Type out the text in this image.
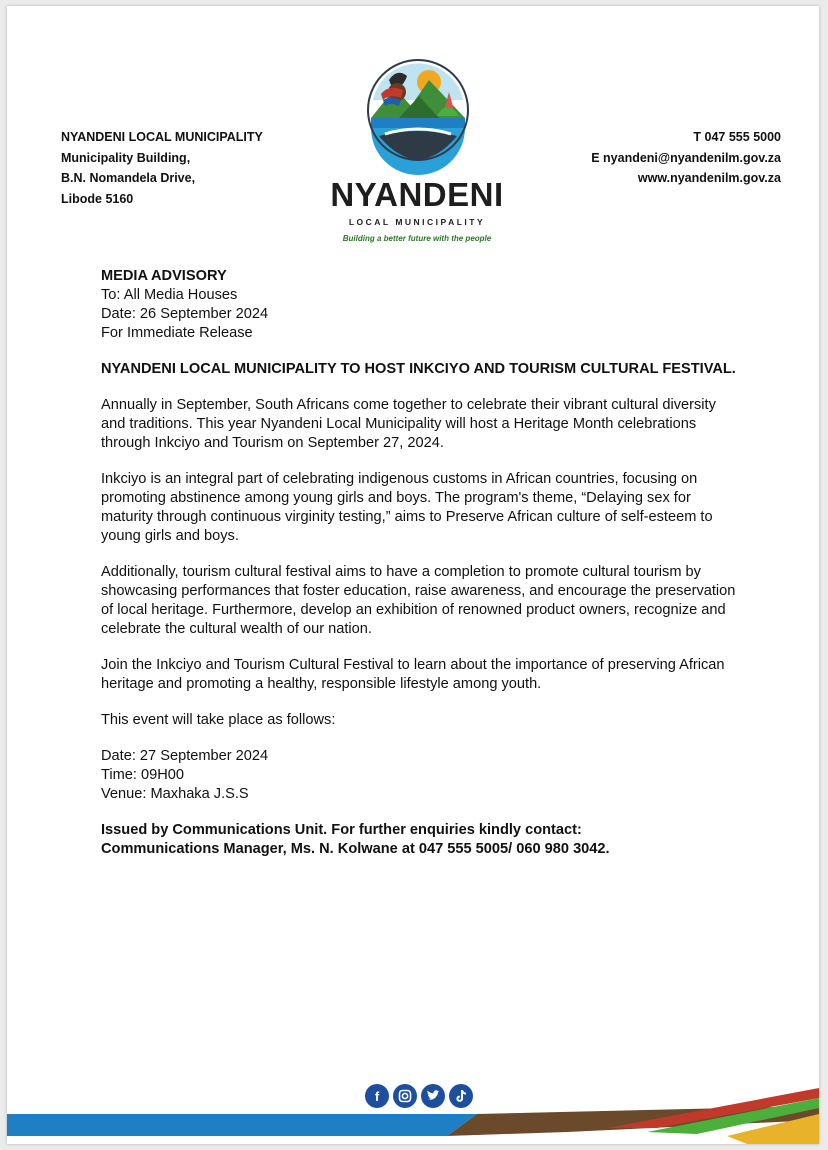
NYANDENI LOCAL MUNICIPALITY
Municipality Building,
B.N. Nomandela Drive,
Libode 5160
T 047 555 5000
E nyandeni@nyandenilm.gov.za
www.nyandenilm.gov.za
NYANDENI
LOCAL MUNICIPALITY
Building a better future with the people

MEDIA ADVISORY

To: All Media Houses

Date: 26 September 2024

For Immediate Release

NYANDENI LOCAL MUNICIPALITY TO HOST INKCIYO AND TOURISM CULTURAL FESTIVAL.

Annually in September, South Africans come together to celebrate their vibrant cultural diversity and traditions. This year Nyandeni Local Municipality will host a Heritage Month celebrations through Inkciyo and Tourism on September 27, 2024.

Inkciyo is an integral part of celebrating indigenous customs in African countries, focusing on promoting abstinence among young girls and boys. The program's theme, “Delaying sex for maturity through continuous virginity testing,” aims to Preserve African culture of self-esteem to young girls and boys.

Additionally, tourism cultural festival aims to have a completion to promote cultural tourism by showcasing performances that foster education, raise awareness, and encourage the preservation of local heritage. Furthermore, develop an exhibition of renowned product owners, recognize and celebrate the cultural wealth of our nation.

Join the Inkciyo and Tourism Cultural Festival to learn about the importance of preserving African heritage and promoting a healthy, responsible lifestyle among youth.

This event will take place as follows:

Date: 27 September 2024

Time: 09H00

Venue: Maxhaka J.S.S

Issued by Communications Unit. For further enquiries kindly contact:

Communications Manager, Ms. N. Kolwane at 047 555 5005/ 060 980 3042.

f
